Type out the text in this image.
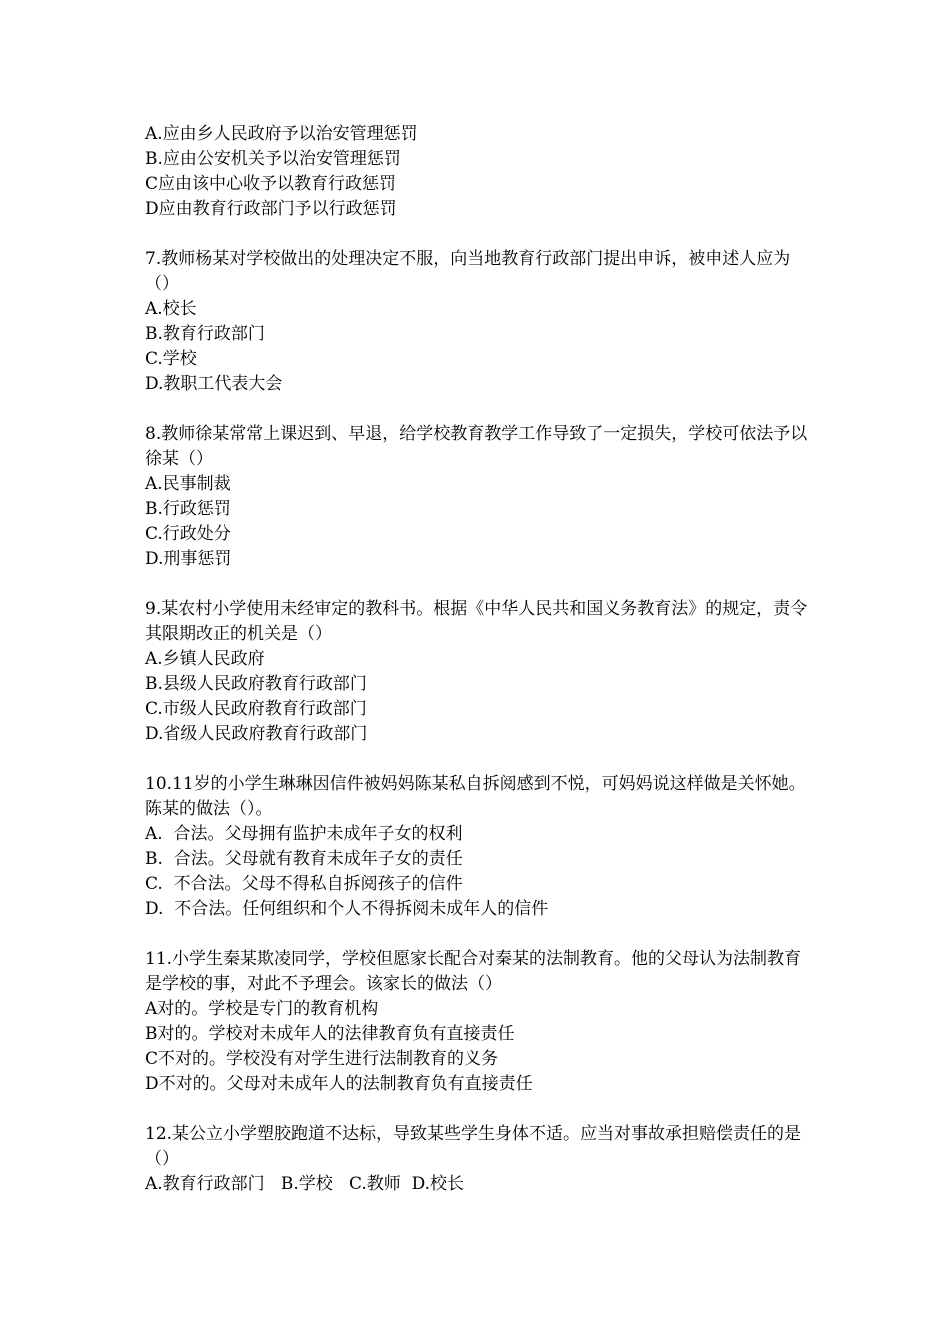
A.应由乡人民政府予以治安管理惩罚
B.应由公安机关予以治安管理惩罚
C应由该中心收予以教育行政惩罚
D应由教育行政部门予以行政惩罚
7.教师杨某对学校做出的处理决定不服，向当地教育行政部门提出申诉，被申述人应为（）
A.校长
B.教育行政部门
C.学校
D.教职工代表大会
8.教师徐某常常上课迟到、早退，给学校教育教学工作导致了一定损失，学校可依法予以徐某（）
A.民事制裁
B.行政惩罚
C.行政处分
D.刑事惩罚
9.某农村小学使用未经审定的教科书。根据《中华人民共和国义务教育法》的规定，责令其限期改正的机关是（）
A.乡镇人民政府
B.县级人民政府教育行政部门
C.市级人民政府教育行政部门
D.省级人民政府教育行政部门
10.11岁的小学生琳琳因信件被妈妈陈某私自拆阅感到不悦，可妈妈说这样做是关怀她。陈某的做法（）。
A.  合法。父母拥有监护未成年子女的权利
B.  合法。父母就有教育未成年子女的责任
C.  不合法。父母不得私自拆阅孩子的信件
D.  不合法。任何组织和个人不得拆阅未成年人的信件
11.小学生秦某欺凌同学，学校但愿家长配合对秦某的法制教育。他的父母认为法制教育是学校的事，对此不予理会。该家长的做法（）
A对的。学校是专门的教育机构
B对的。学校对未成年人的法律教育负有直接责任
C不对的。学校没有对学生进行法制教育的义务
D不对的。父母对未成年人的法制教育负有直接责任
12.某公立小学塑胶跑道不达标，导致某些学生身体不适。应当对事故承担赔偿责任的是（）
A.教育行政部门   B.学校   C.教师  D.校长
